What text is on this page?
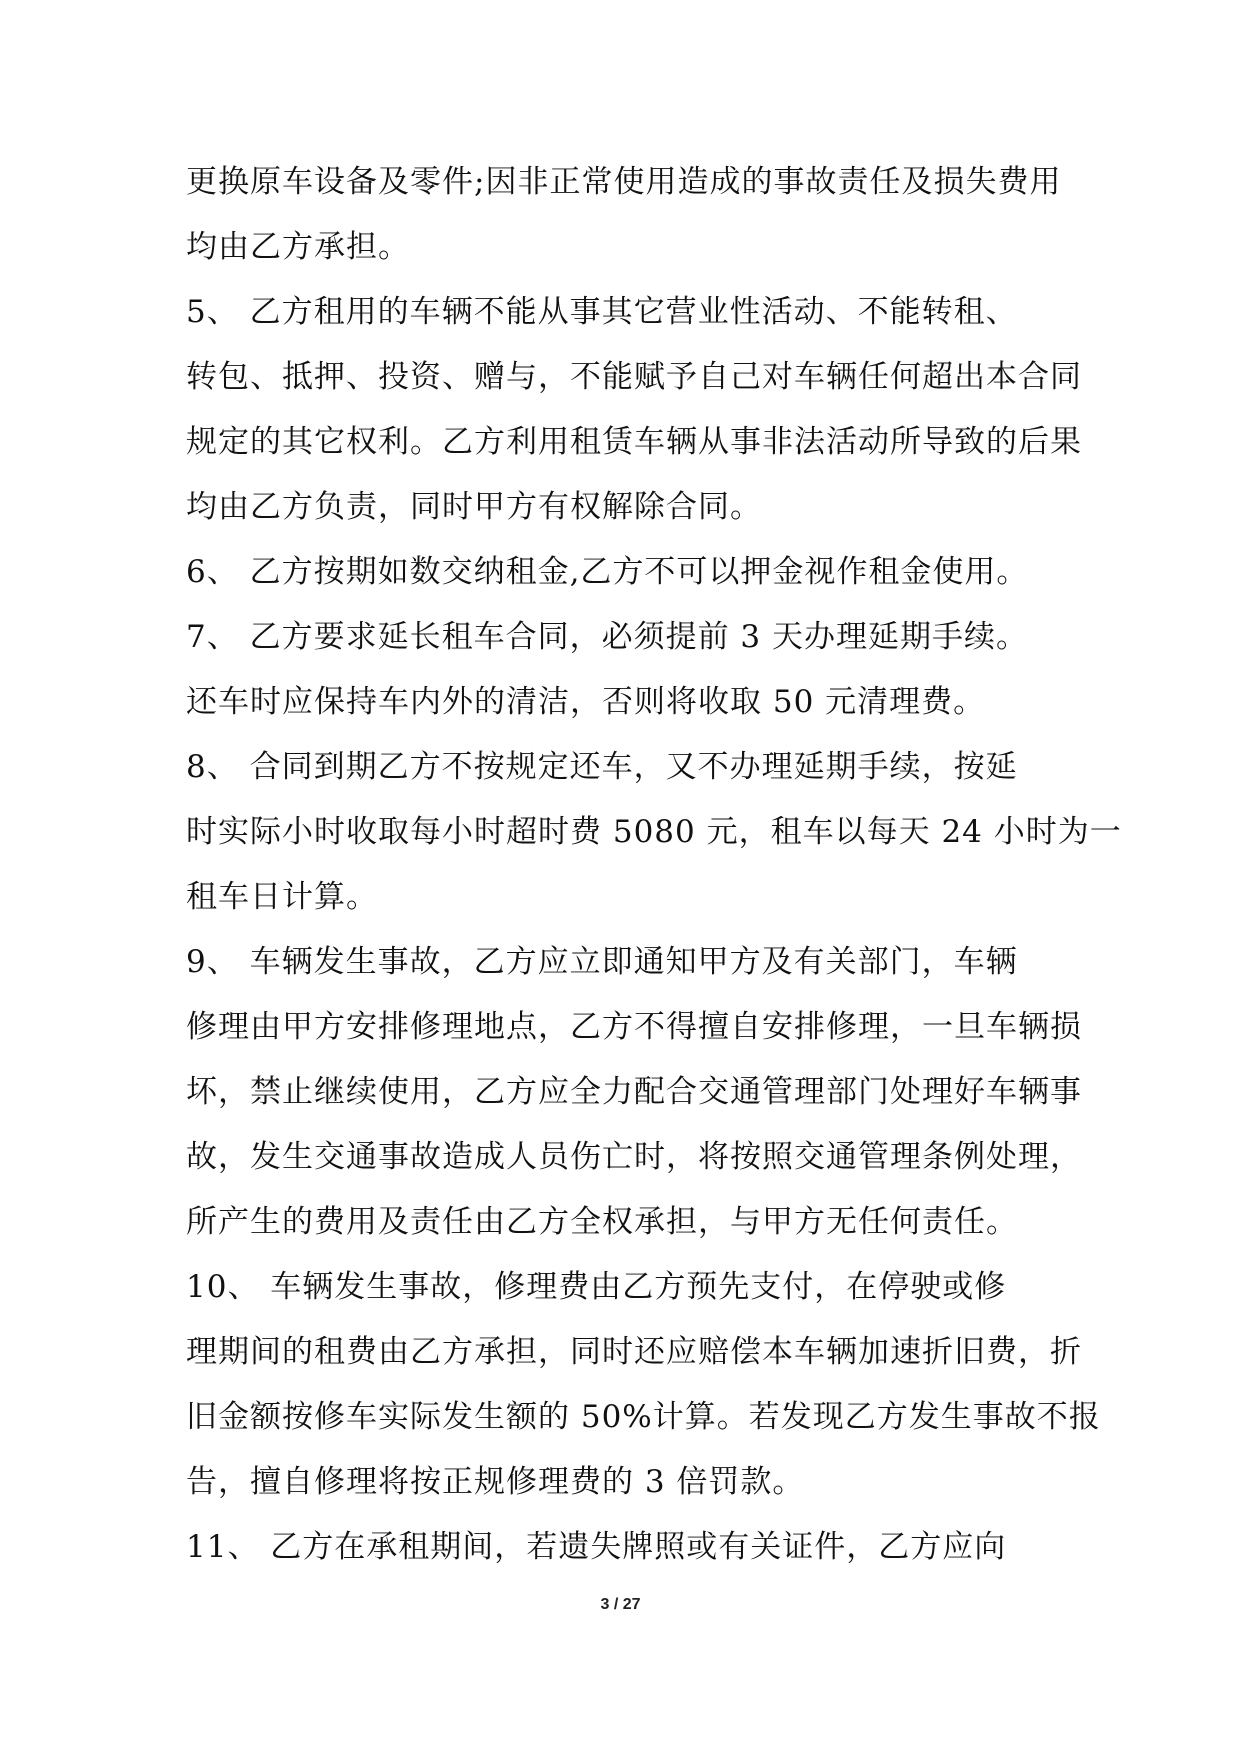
更换原车设备及零件;因非正常使用造成的事故责任及损失费用
均由乙方承担。
5、 乙方租用的车辆不能从事其它营业性活动、不能转租、
转包、抵押、投资、赠与，不能赋予自己对车辆任何超出本合同
规定的其它权利。乙方利用租赁车辆从事非法活动所导致的后果
均由乙方负责，同时甲方有权解除合同。
6、 乙方按期如数交纳租金,乙方不可以押金视作租金使用。
7、 乙方要求延长租车合同，必须提前 3 天办理延期手续。
还车时应保持车内外的清洁，否则将收取 50 元清理费。
8、 合同到期乙方不按规定还车，又不办理延期手续，按延
时实际小时收取每小时超时费 5080 元，租车以每天 24 小时为一
租车日计算。
9、 车辆发生事故，乙方应立即通知甲方及有关部门，车辆
修理由甲方安排修理地点，乙方不得擅自安排修理，一旦车辆损
坏，禁止继续使用，乙方应全力配合交通管理部门处理好车辆事
故，发生交通事故造成人员伤亡时，将按照交通管理条例处理，
所产生的费用及责任由乙方全权承担，与甲方无任何责任。
10、 车辆发生事故，修理费由乙方预先支付，在停驶或修
理期间的租费由乙方承担，同时还应赔偿本车辆加速折旧费，折
旧金额按修车实际发生额的 50%计算。若发现乙方发生事故不报
告，擅自修理将按正规修理费的 3 倍罚款。
11、 乙方在承租期间，若遗失牌照或有关证件，乙方应向
3 / 27
